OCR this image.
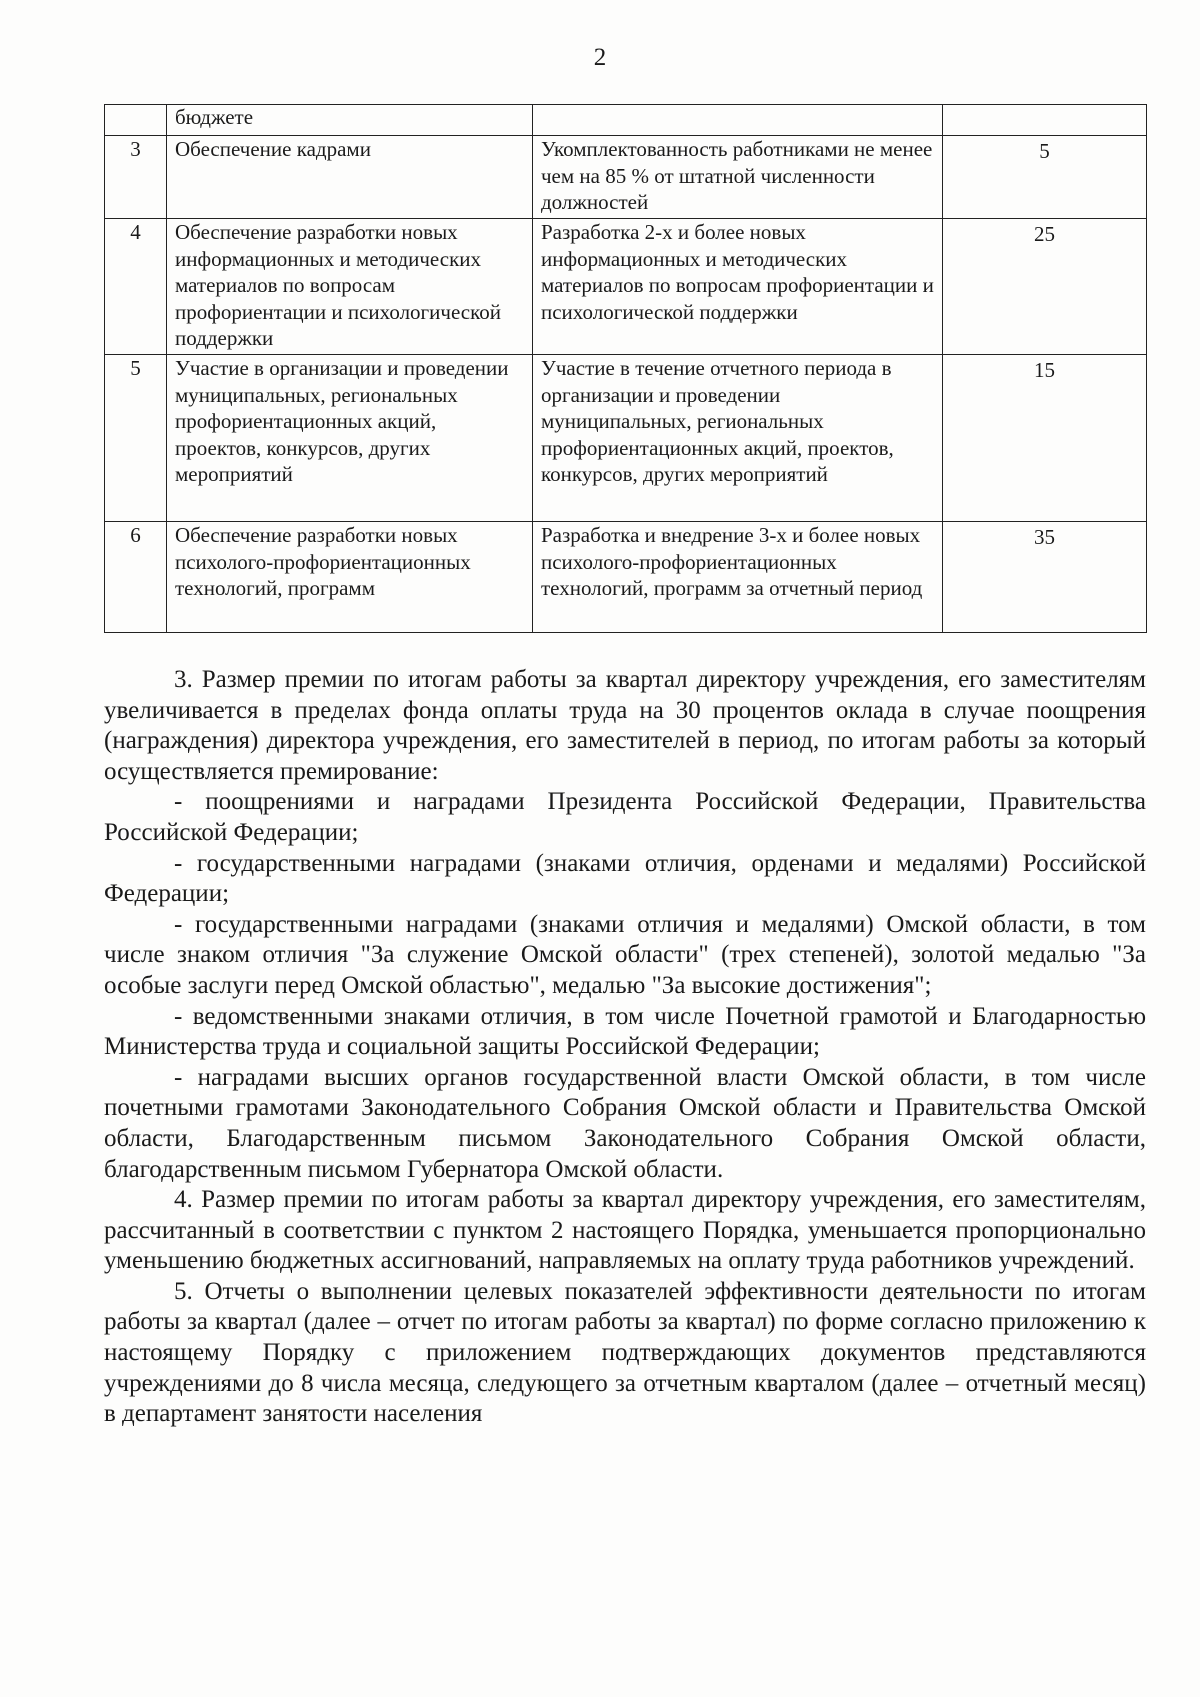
2
	бюджете		
3	Обеспечение кадрами	Укомплектованность работниками не менее чем на 85 % от штатной численности должностей	5
4	Обеспечение разработки новых информационных и методических материалов по вопросам профориентации и психологической поддержки	Разработка 2-х и более новых информационных и методических материалов по вопросам профориентации и психологической поддержки	25
5	Участие в организации и проведении муниципальных, региональных профориентационных акций, проектов, конкурсов, других мероприятий	Участие в течение отчетного периода в организации и проведении муниципальных, региональных профориентационных акций, проектов, конкурсов, других мероприятий	15
6	Обеспечение разработки новых психолого-профориентационных технологий, программ	Разработка и внедрение 3-х и более новых психолого-профориентационных технологий, программ за отчетный период	35

3. Размер премии по итогам работы за квартал директору учреждения, его заместителям увеличивается в пределах фонда оплаты труда на 30 процентов оклада в случае поощрения (награждения) директора учреждения, его заместителей в период, по итогам работы за который осуществляется премирование:

- поощрениями и наградами Президента Российской Федерации, Правительства Российской Федерации;

- государственными наградами (знаками отличия, орденами и медалями) Российской Федерации;

- государственными наградами (знаками отличия и медалями) Омской области, в том числе знаком отличия "За служение Омской области" (трех степеней), золотой медалью "За особые заслуги перед Омской областью", медалью "За высокие достижения";

- ведомственными знаками отличия, в том числе Почетной грамотой и Благодарностью Министерства труда и социальной защиты Российской Федерации;

- наградами высших органов государственной власти Омской области, в том числе почетными грамотами Законодательного Собрания Омской области и Правительства Омской области, Благодарственным письмом Законодательного Собрания Омской области, благодарственным письмом Губернатора Омской области.

4. Размер премии по итогам работы за квартал директору учреждения, его заместителям, рассчитанный в соответствии с пунктом 2 настоящего Порядка, уменьшается пропорционально уменьшению бюджетных ассигнований, направляемых на оплату труда работников учреждений.

5. Отчеты о выполнении целевых показателей эффективности деятельности по итогам работы за квартал (далее – отчет по итогам работы за квартал) по форме согласно приложению к настоящему Порядку с приложением подтверждающих документов представляются учреждениями до 8 числа месяца, следующего за отчетным кварталом (далее – отчетный месяц) в департамент занятости населения
